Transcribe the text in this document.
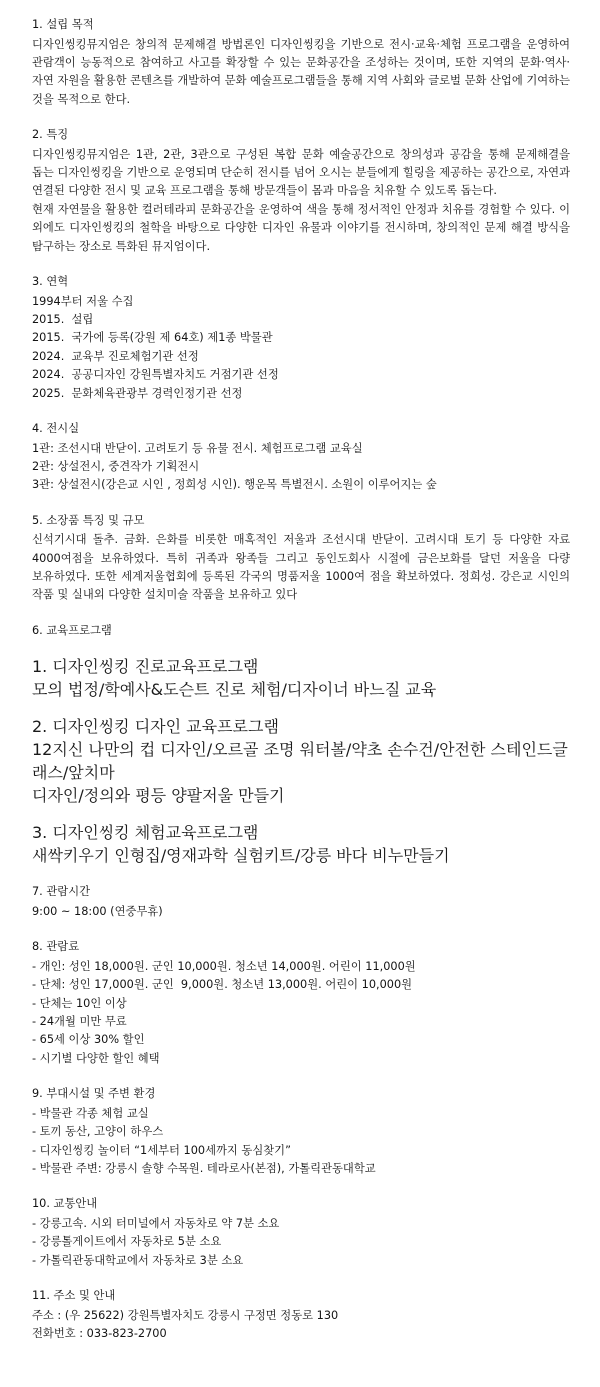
1. 설립 목적

디자인씽킹뮤지엄은 창의적 문제해결 방법론인 디자인씽킹을 기반으로 전시·교육·체험 프로그램을 운영하여 관람객이 능동적으로 참여하고 사고를 확장할 수 있는 문화공간을 조성하는 것이며, 또한 지역의 문화·역사·자연 자원을 활용한 콘텐츠를 개발하여 문화 예술프로그램들을 통해 지역 사회와 글로벌 문화 산업에 기여하는 것을 목적으로 한다.

2. 특징

디자인씽킹뮤지엄은 1관, 2관, 3관으로 구성된 복합 문화 예술공간으로 창의성과 공감을 통해 문제해결을 돕는 디자인씽킹을 기반으로 운영되며 단순히 전시를 넘어 오시는 분들에게 힐링을 제공하는 공간으로, 자연과 연결된 다양한 전시 및 교육 프로그램을 통해 방문객들이 몸과 마음을 치유할 수 있도록 돕는다.

현재 자연물을 활용한 컬러테라피 문화공간을 운영하여 색을 통해 정서적인 안정과 치유를 경험할 수 있다. 이 외에도 디자인씽킹의 철학을 바탕으로 다양한 디자인 유물과 이야기를 전시하며, 창의적인 문제 해결 방식을 탐구하는 장소로 특화된 뮤지엄이다.

3. 연혁
1994부터 저울 수집
2015.  설립
2015.  국가에 등록(강원 제 64호) 제1종 박물관
2024.  교육부 진로체험기관 선정
2024.  공공디자인 강원특별자치도 거점기관 선정
2025.  문화체육관광부 경력인정기관 선정
4. 전시실
1관: 조선시대 반닫이. 고려토기 등 유물 전시. 체험프로그램 교육실
2관: 상설전시, 중견작가 기획전시
3관: 상설전시(강은교 시인 , 정희성 시인). 행운목 특별전시. 소원이 이루어지는 숲
5. 소장품 특징 및 규모

신석기시대 돌추. 금화. 은화를 비롯한 매혹적인 저울과 조선시대 반닫이. 고려시대 토기 등 다양한 자료 4000여점을 보유하였다. 특히 귀족과 왕족들 그리고 동인도회사 시절에 금은보화를 달던 저울을 다량 보유하였다. 또한 세계저울협회에 등록된 각국의 명품저울 1000여 점을 확보하였다. 정희성. 강은교 시인의 작품 및 실내외 다양한 설치미술 작품을 보유하고 있다

6. 교육프로그램
1. 디자인씽킹 진로교육프로그램
모의 법정/학예사&도슨트 진로 체험/디자이너 바느질 교육
2. 디자인씽킹 디자인 교육프로그램
12지신 나만의 컵 디자인/오르골 조명 워터볼/약초 손수건/안전한 스테인드글래스/앞치마
디자인/정의와 평등 양팔저울 만들기
3. 디자인씽킹 체험교육프로그램
새싹키우기 인형집/영재과학 실험키트/강릉 바다 비누만들기
7. 관람시간
9:00 ~ 18:00 (연중무휴)
8. 관람료
- 개인: 성인 18,000원. 군인 10,000원. 청소년 14,000원. 어린이 11,000원
- 단체: 성인 17,000원. 군인  9,000원. 청소년 13,000원. 어린이 10,000원
- 단체는 10인 이상
- 24개월 미만 무료
- 65세 이상 30% 할인
- 시기별 다양한 할인 혜택
9. 부대시설 및 주변 환경
- 박물관 각종 체험 교실
- 토끼 동산, 고양이 하우스
- 디자인씽킹 놀이터 “1세부터 100세까지 동심찾기”
- 박물관 주변: 강릉시 솔향 수목원. 테라로사(본점), 가톨릭관동대학교
10. 교통안내
- 강릉고속. 시외 터미널에서 자동차로 약 7분 소요
- 강릉톨게이트에서 자동차로 5분 소요
- 가톨릭관동대학교에서 자동차로 3분 소요
11. 주소 및 안내
주소 : (우 25622) 강원특별자치도 강릉시 구정면 정동로 130
전화번호 : 033-823-2700
